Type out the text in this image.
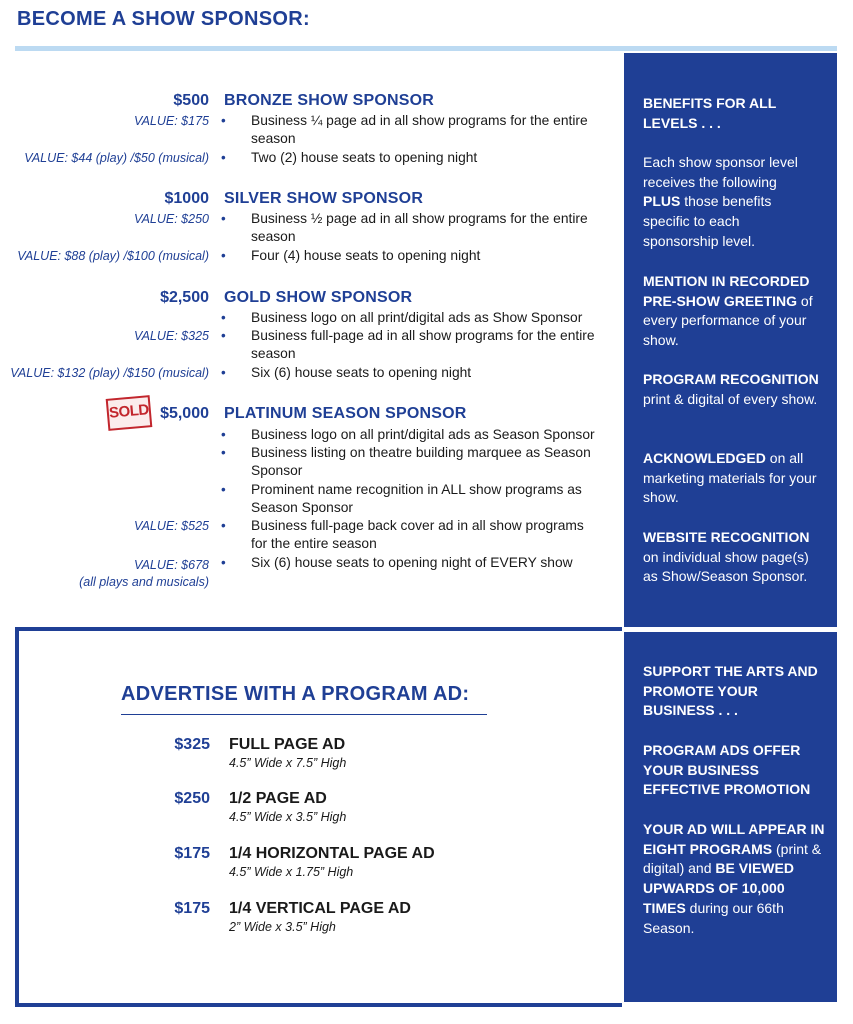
BECOME A SHOW SPONSOR:
$500 BRONZE SHOW SPONSOR
VALUE: $175 • Business ¼ page ad in all show programs for the entire season
VALUE: $44 (play) /$50 (musical) • Two (2) house seats to opening night
$1000 SILVER SHOW SPONSOR
VALUE: $250 • Business ½ page ad in all show programs for the entire season
VALUE: $88 (play) /$100 (musical) • Four (4) house seats to opening night
$2,500 GOLD SHOW SPONSOR
• Business logo on all print/digital ads as Show Sponsor
VALUE: $325 • Business full-page ad in all show programs for the entire season
VALUE: $132 (play) /$150 (musical) • Six (6) house seats to opening night
SOLD $5,000 PLATINUM SEASON SPONSOR
• Business logo on all print/digital ads as Season Sponsor
• Business listing on theatre building marquee as Season Sponsor
• Prominent name recognition in ALL show programs as Season Sponsor
VALUE: $525 • Business full-page back cover ad in all show programs for the entire season
VALUE: $678 • Six (6) house seats to opening night of EVERY show
(all plays and musicals)
BENEFITS FOR ALL LEVELS . . .
Each show sponsor level receives the following PLUS those benefits specific to each sponsorship level.
MENTION IN RECORDED PRE-SHOW GREETING of every performance of your show.
PROGRAM RECOGNITION print & digital of every show.
ACKNOWLEDGED on all marketing materials for your show.
WEBSITE RECOGNITION on individual show page(s) as Show/Season Sponsor.
ADVERTISE WITH A PROGRAM AD:
$325 FULL PAGE AD
4.5” Wide x 7.5” High
$250 1/2 PAGE AD
4.5” Wide x 3.5” High
$175 1/4 HORIZONTAL PAGE AD
4.5” Wide x 1.75” High
$175 1/4 VERTICAL PAGE AD
2” Wide x 3.5” High
SUPPORT THE ARTS AND PROMOTE YOUR BUSINESS . . .
PROGRAM ADS OFFER YOUR BUSINESS EFFECTIVE PROMOTION
YOUR AD WILL APPEAR IN EIGHT PROGRAMS (print & digital) and BE VIEWED UPWARDS OF 10,000 TIMES during our 66th Season.
